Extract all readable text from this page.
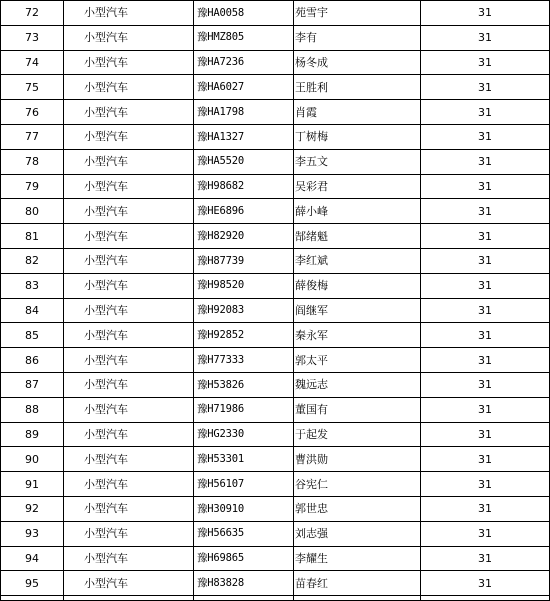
72	小型汽车	豫HA0058	苑雪宇	31
73	小型汽车	豫HMZ805	李有	31
74	小型汽车	豫HA7236	杨冬成	31
75	小型汽车	豫HA6027	王胜利	31
76	小型汽车	豫HA1798	肖霞	31
77	小型汽车	豫HA1327	丁树梅	31
78	小型汽车	豫HA5520	李五文	31
79	小型汽车	豫H98682	吴彩君	31
80	小型汽车	豫HE6896	薛小峰	31
81	小型汽车	豫H82920	郜绪魁	31
82	小型汽车	豫H87739	李红斌	31
83	小型汽车	豫H98520	薛俊梅	31
84	小型汽车	豫H92083	阎继军	31
85	小型汽车	豫H92852	秦永军	31
86	小型汽车	豫H77333	郭太平	31
87	小型汽车	豫H53826	魏远志	31
88	小型汽车	豫H71986	董国有	31
89	小型汽车	豫HG2330	于起发	31
90	小型汽车	豫H53301	曹洪勋	31
91	小型汽车	豫H56107	谷宪仁	31
92	小型汽车	豫H30910	郭世忠	31
93	小型汽车	豫H56635	刘志强	31
94	小型汽车	豫H69865	李耀生	31
95	小型汽车	豫H83828	苗春红	31
